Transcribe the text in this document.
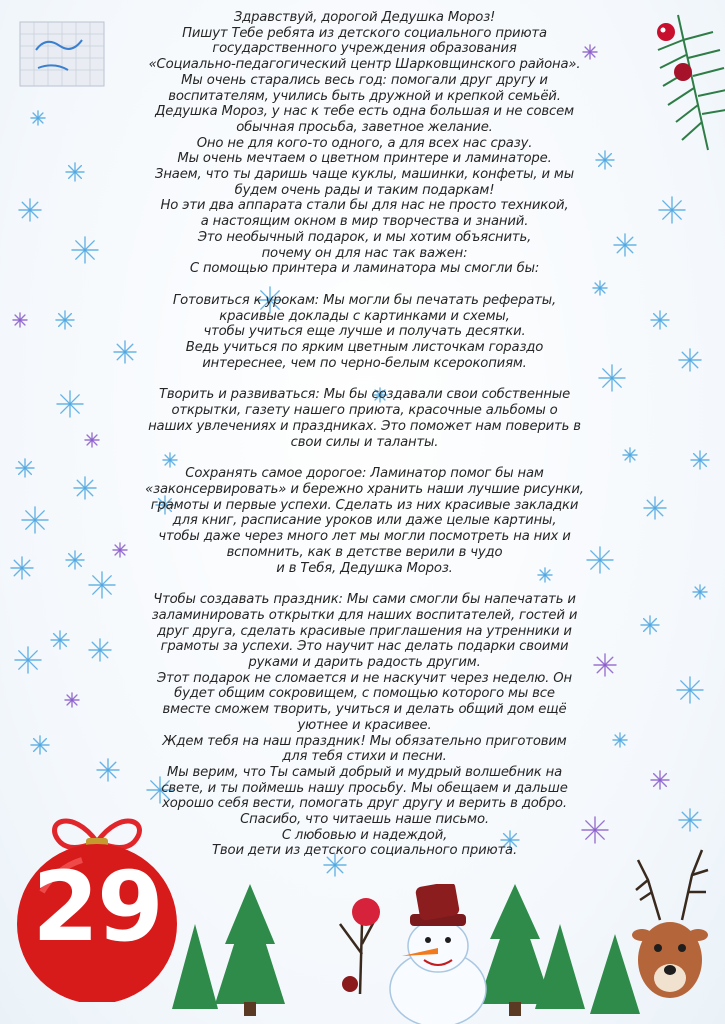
Здравствуй, дорогой Дедушка Мороз!

Пишут Тебе ребята из детского социального приюта

государственного учреждения образования

«Социально-педагогический центр Шарковщинского района».

Мы очень старались весь год: помогали друг другу и

воспитателям, учились быть дружной и крепкой семьёй.

Дедушка Мороз, у нас к тебе есть одна большая и не совсем

обычная просьба, заветное желание.

Оно не для кого-то одного, а для всех нас сразу.

Мы очень мечтаем о цветном принтере и ламинаторе.

Знаем, что ты даришь чаще куклы, машинки, конфеты, и мы

будем очень рады и таким подаркам!

Но эти два аппарата стали бы для нас не просто техникой,

а настоящим окном в мир творчества и знаний.

Это необычный подарок, и мы хотим объяснить,

почему он для нас так важен:

С помощью принтера и ламинатора мы смогли бы:

Готовиться к урокам: Мы могли бы печатать рефераты,

красивые доклады с картинками и схемы,

чтобы учиться еще лучше и получать десятки.

Ведь учиться по ярким цветным листочкам гораздо

интереснее, чем по черно-белым ксерокопиям.

Творить и развиваться: Мы бы создавали свои собственные

открытки, газету нашего приюта, красочные альбомы о

наших увлечениях и праздниках. Это поможет нам поверить в

свои силы и таланты.

Сохранять самое дорогое: Ламинатор помог бы нам

«законсервировать» и бережно хранить наши лучшие рисунки,

грамоты и первые успехи. Сделать из них красивые закладки

для книг, расписание уроков или даже целые картины,

чтобы даже через много лет мы могли посмотреть на них и

вспомнить, как в детстве верили в чудо

и в Тебя, Дедушка Мороз.

Чтобы создавать праздник: Мы сами смогли бы напечатать и

заламинировать открытки для наших воспитателей, гостей и

друг друга, сделать красивые приглашения на утренники и

грамоты за успехи. Это научит нас делать подарки своими

руками и дарить радость другим.

Этот подарок не сломается и не наскучит через неделю. Он

будет общим сокровищем, с помощью которого мы все

вместе сможем творить, учиться и делать общий дом ещё

уютнее и красивее.

Ждем тебя на наш праздник! Мы обязательно приготовим

для тебя стихи и песни.

Мы верим, что Ты самый добрый и мудрый волшебник на

свете, и ты поймешь нашу просьбу. Мы обещаем и дальше

хорошо себя вести, помогать друг другу и верить в добро.

Спасибо, что читаешь наше письмо.

С любовью и надеждой,

Твои дети из детского социального приюта.

29
